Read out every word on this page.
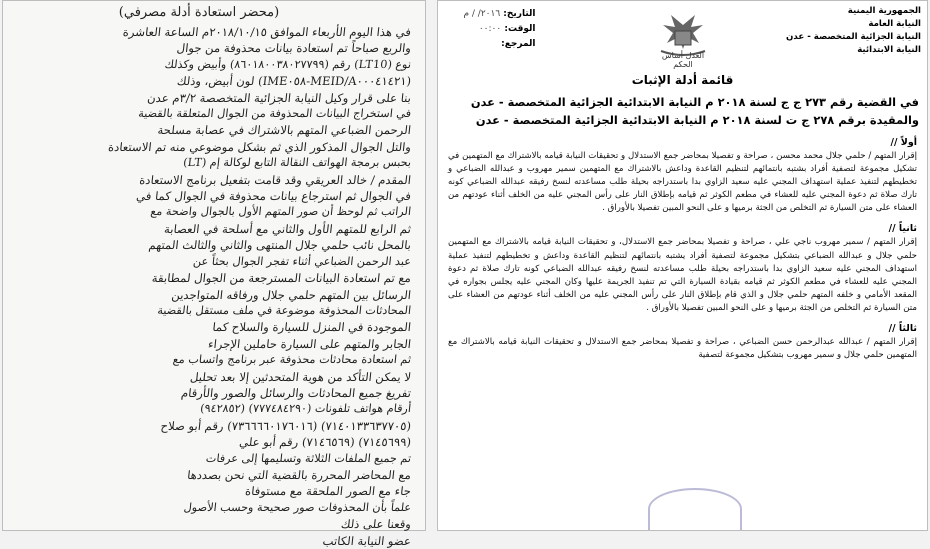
(محضر استعادة أدلة مصرفي)
في هذا اليوم الأربعاء الموافق ٢٠١٨/١٠/١٥م الساعة العاشرة
والربع صباحاً تم استعادة بيانات محذوفة من جوال
نوع (LT10) رقم (٨٦٠١٨٠٠٣٨٠٢٧٧٩٩) وأبيض وكذلك
(MEID/A٠٠٠٤١٤٢١-IME٠٥٨) لون أبيض، وذلك
بنا على قرار وكيل النيابة الجزائية المتخصصة ٣/٢م عدن
في استخراج البيانات المحذوفة من الجوال المتعلقة بالقضية
الرحمن الضباعي المتهم بالاشتراك في عصابة مسلحة
والتل الجوال المذكور الذي ثم بشكل موضوعي منه تم الاستعادة
بحبس برمجة الهواتف النقالة التابع لوكالة إم (LT)
المقدم / خالد العريقي وقد قامت بتفعيل برنامج الاستعادة
في الجوال ثم استرجاع بيانات محذوفة في الجوال كما في
الراتب ثم لوحظ أن صور المتهم الأول بالجوال واضحة مع
ثم الرابع للمتهم الأول والثاني مع أسلحة في العصابة
بالمحل نائب حلمي جلال المنتهى والثاني والثالث المتهم
عبد الرحمن الضباعي أثناء تفجر الجوال بحثاً عن
مع تم استعادة البيانات المسترجعة من الجوال لمطابقة
الرسائل بين المتهم حلمي جلال ورفاقه المتواجدين
المحادثات المحذوفة موضوعة في ملف مستقل بالقضية
الموجودة في المنزل للسيارة والسلاح كما
الجابر والمتهم على السيارة حاملين الإجراء
ثم استعادة محادثات محذوفة عبر برنامج واتساب مع
لا يمكن التأكد من هوية المتحدثين إلا بعد تحليل
تفريغ جميع المحادثات والرسائل والصور والأرقام
أرقام هواتف تلفونات (٧٧٧٤٨٤٢٩٠) (٩٤٢٨٥٢)
(٧١٤٠١٣٣٦٣٧٧٠٥) (٧٣٦٦٦٦٠١٧٦٠١٦) رقم أبو صلاح
(٧١٤٥٦٩٩) (٧١٤٦٥٦٩) رقم أبو علي
تم جميع الملفات الثلاثة وتسليمها إلى عرفات
مع المحاضر المحررة بالقضية التي نحن بصددها
جاء مع الصور الملحقة مع مستوفاة
علماً بأن المحذوفات صور صحيحة وحسب الأصول
وقعنا على ذلك
عضو النيابة الكاتب
الجمهورية اليمنية
النيابة العامة
النيابة الجزائية المتخصصة - عدن
النيابة الابتدائية
العدل أساس الحكم
التاريخ: ٢٠١٦/ / م
الوقت: ٠٠:٠٠
المرجع:
قائمة أدلة الإثبات
في القضية رقم ٢٧٣ ج ج لسنة ٢٠١٨ م النيابة الابتدائية الجزائية المتخصصة - عدن
والمقيدة برقم ٢٧٨ ج ت لسنة ٢٠١٨ م النيابة الابتدائية الجزائية المتخصصة - عدن
أولاً //
إقرار المتهم / حلمي جلال محمد محسن ، صراحة و تفصيلا بمحاضر جمع الاستدلال و تحقيقات النيابة قيامه بالاشتراك مع المتهمين في تشكيل مجموعة لتصفية أفراد بشتبه بانتمائهم لتنظيم القاعدة وداعش بالاشتراك مع المتهمين سمير مهروب و عبدالله الضباعي و تخطيطهم لتنفيذ عملية استهداف المجني عليه سعيد الزاوي بدا باستدراجه بحيلة طلب مساعدته لنسخ رفيقه عبدالله الضباعي كونه تارك صلاة ثم دعوة المجني عليه للعشاء في مطعم الكوثر ثم قيامه بإطلاق النار على رأس المجني عليه من الخلف أثناء عودتهم من العشاء على متن السيارة ثم التخلص من الجثة برميها و على النحو المبين تفصيلا بالأوراق .
ثانياً //
إقرار المتهم / سمير مهروب ناجي علي ، صراحة و تفصيلا بمحاضر جمع الاستدلال، و تحقيقات النيابة قيامه بالاشتراك مع المتهمين حلمي جلال و عبدالله الضباعي بتشكيل مجموعة لتصفية أفراد يشتبه بانتمائهم لتنظيم القاعدة وداعش و تخطيطهم لتنفيذ عملية استهداف المجني عليه سعيد الزاوي بدا باستدراجه بحيلة طلب مساعدته لنسخ رفيقه عبدالله الضباعي كونه تارك صلاة ثم دعوة المجني عليه للعشاء في مطعم الكوثر ثم قيامه بقيادة السيارة التي تم تنفيذ الجريمة عليها وكان المجني عليه يجلس بجواره في المقعد الأمامي و خلفه المتهم حلمي جلال و الذي قام بإطلاق النار على رأس المجني عليه من الخلف أثناء عودتهم من العشاء على متن السيارة ثم التخلص من الجثة برميها و على النحو المبين تفصيلا بالأوراق .
ثالثاً //
إقرار المتهم / عبدالله عبدالرحمن حسن الضباعي ، صراحة و تفصيلا بمحاضر جمع الاستدلال و تحقيقات النيابة قيامه بالاشتراك مع المتهمين حلمي جلال و سمير مهروب بتشكيل مجموعة لتصفية
